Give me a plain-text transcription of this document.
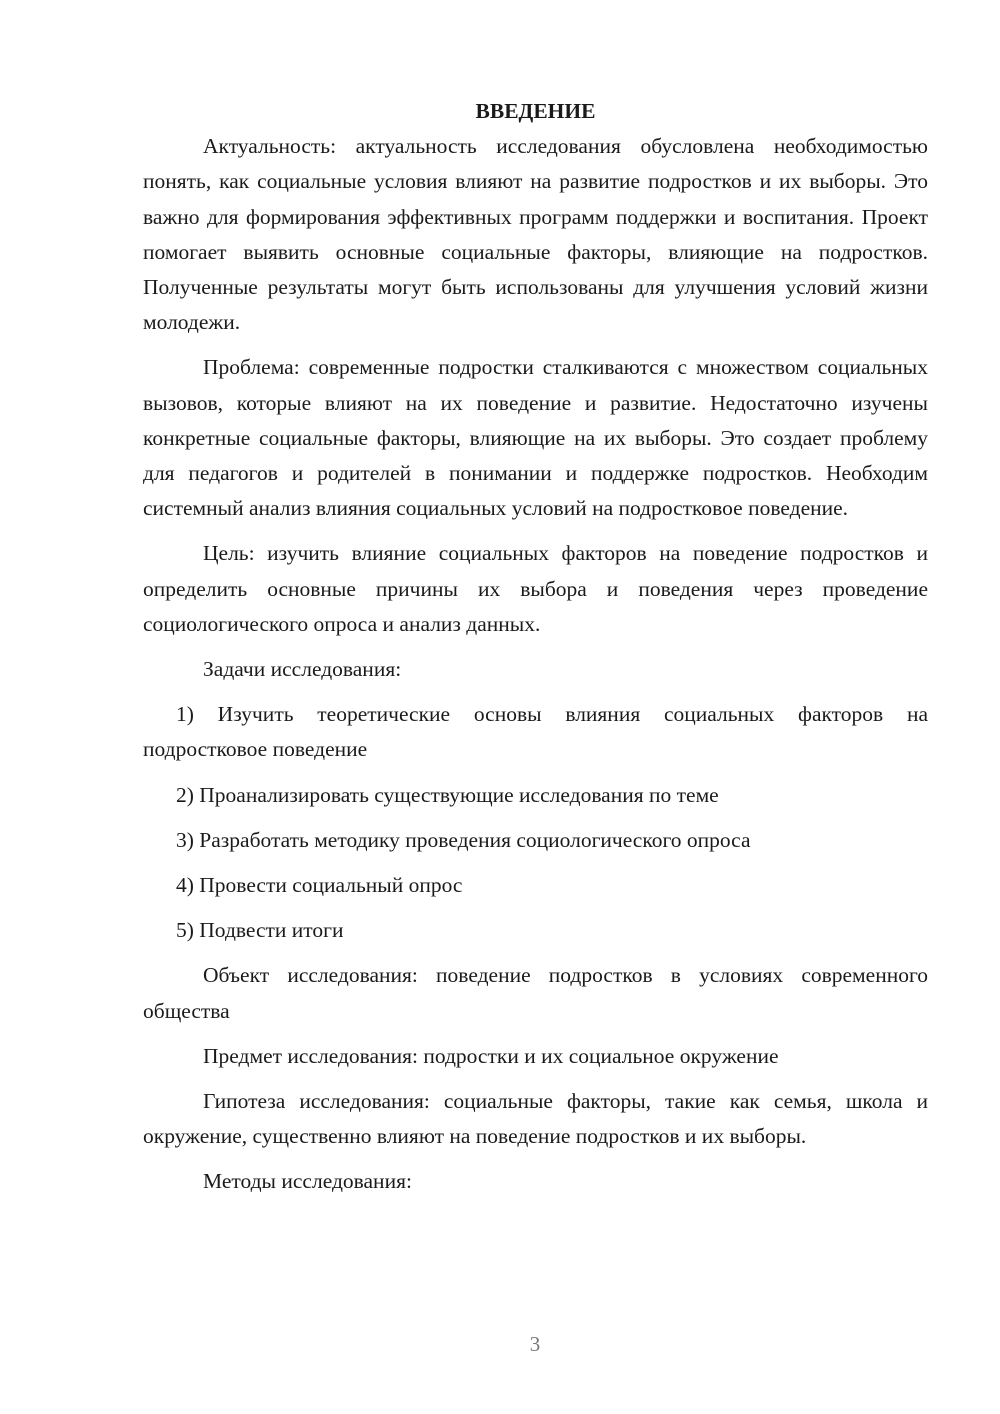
ВВЕДЕНИЕ

Актуальность: актуальность исследования обусловлена необходимостью понять, как социальные условия влияют на развитие подростков и их выборы. Это важно для формирования эффективных программ поддержки и воспитания. Проект помогает выявить основные социальные факторы, влияющие на подростков. Полученные результаты могут быть использованы для улучшения условий жизни молодежи.

Проблема: современные подростки сталкиваются с множеством социальных вызовов, которые влияют на их поведение и развитие. Недостаточно изучены конкретные социальные факторы, влияющие на их выборы. Это создает проблему для педагогов и родителей в понимании и поддержке подростков. Необходим системный анализ влияния социальных условий на подростковое поведение.

Цель: изучить влияние социальных факторов на поведение подростков и определить основные причины их выбора и поведения через проведение социологического опроса и анализ данных.

Задачи исследования:

1) Изучить теоретические основы влияния социальных факторов на подростковое поведение

2) Проанализировать существующие исследования по теме

3) Разработать методику проведения социологического опроса

4) Провести социальный опрос

5) Подвести итоги

Объект исследования: поведение подростков в условиях современного общества

Предмет исследования: подростки и их социальное окружение

Гипотеза исследования: социальные факторы, такие как семья, школа и окружение, существенно влияют на поведение подростков и их выборы.

Методы исследования:

3
